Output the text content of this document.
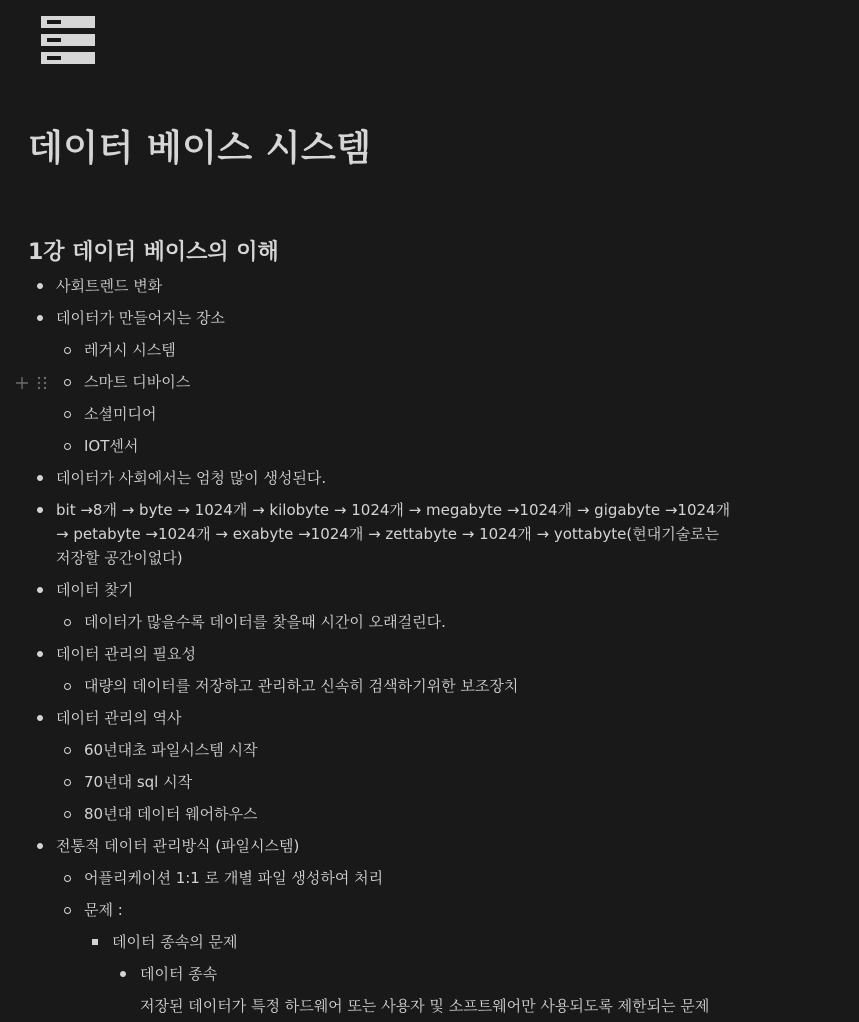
데이터 베이스 시스템
1강 데이터 베이스의 이해
사회트렌드 변화
데이터가 만들어지는 장소
레거시 시스템
스마트 디바이스
소셜미디어
IOT센서
데이터가 사회에서는 엄청 많이 생성된다.
bit →8개 → byte → 1024개 → kilobyte → 1024개 → megabyte →1024개 → gigabyte →1024개 → petabyte →1024개 → exabyte →1024개 → zettabyte → 1024개 → yottabyte(현대기술로는 저장할 공간이없다)
데이터 찾기
데이터가 많을수록 데이터를 찾을때 시간이 오래걸린다.
데이터 관리의 필요성
대량의 데이터를 저장하고 관리하고 신속히 검색하기위한 보조장치
데이터 관리의 역사
60년대초 파일시스템 시작
70년대 sql 시작
80년대 데이터 웨어하우스
전통적 데이터 관리방식 (파일시스템)
어플리케이션 1:1 로 개별 파일 생성하여 처리
문제 :
데이터 종속의 문제
데이터 종속
저장된 데이터가 특정 하드웨어 또는 사용자 및 소프트웨어만 사용되도록 제한되는 문제
